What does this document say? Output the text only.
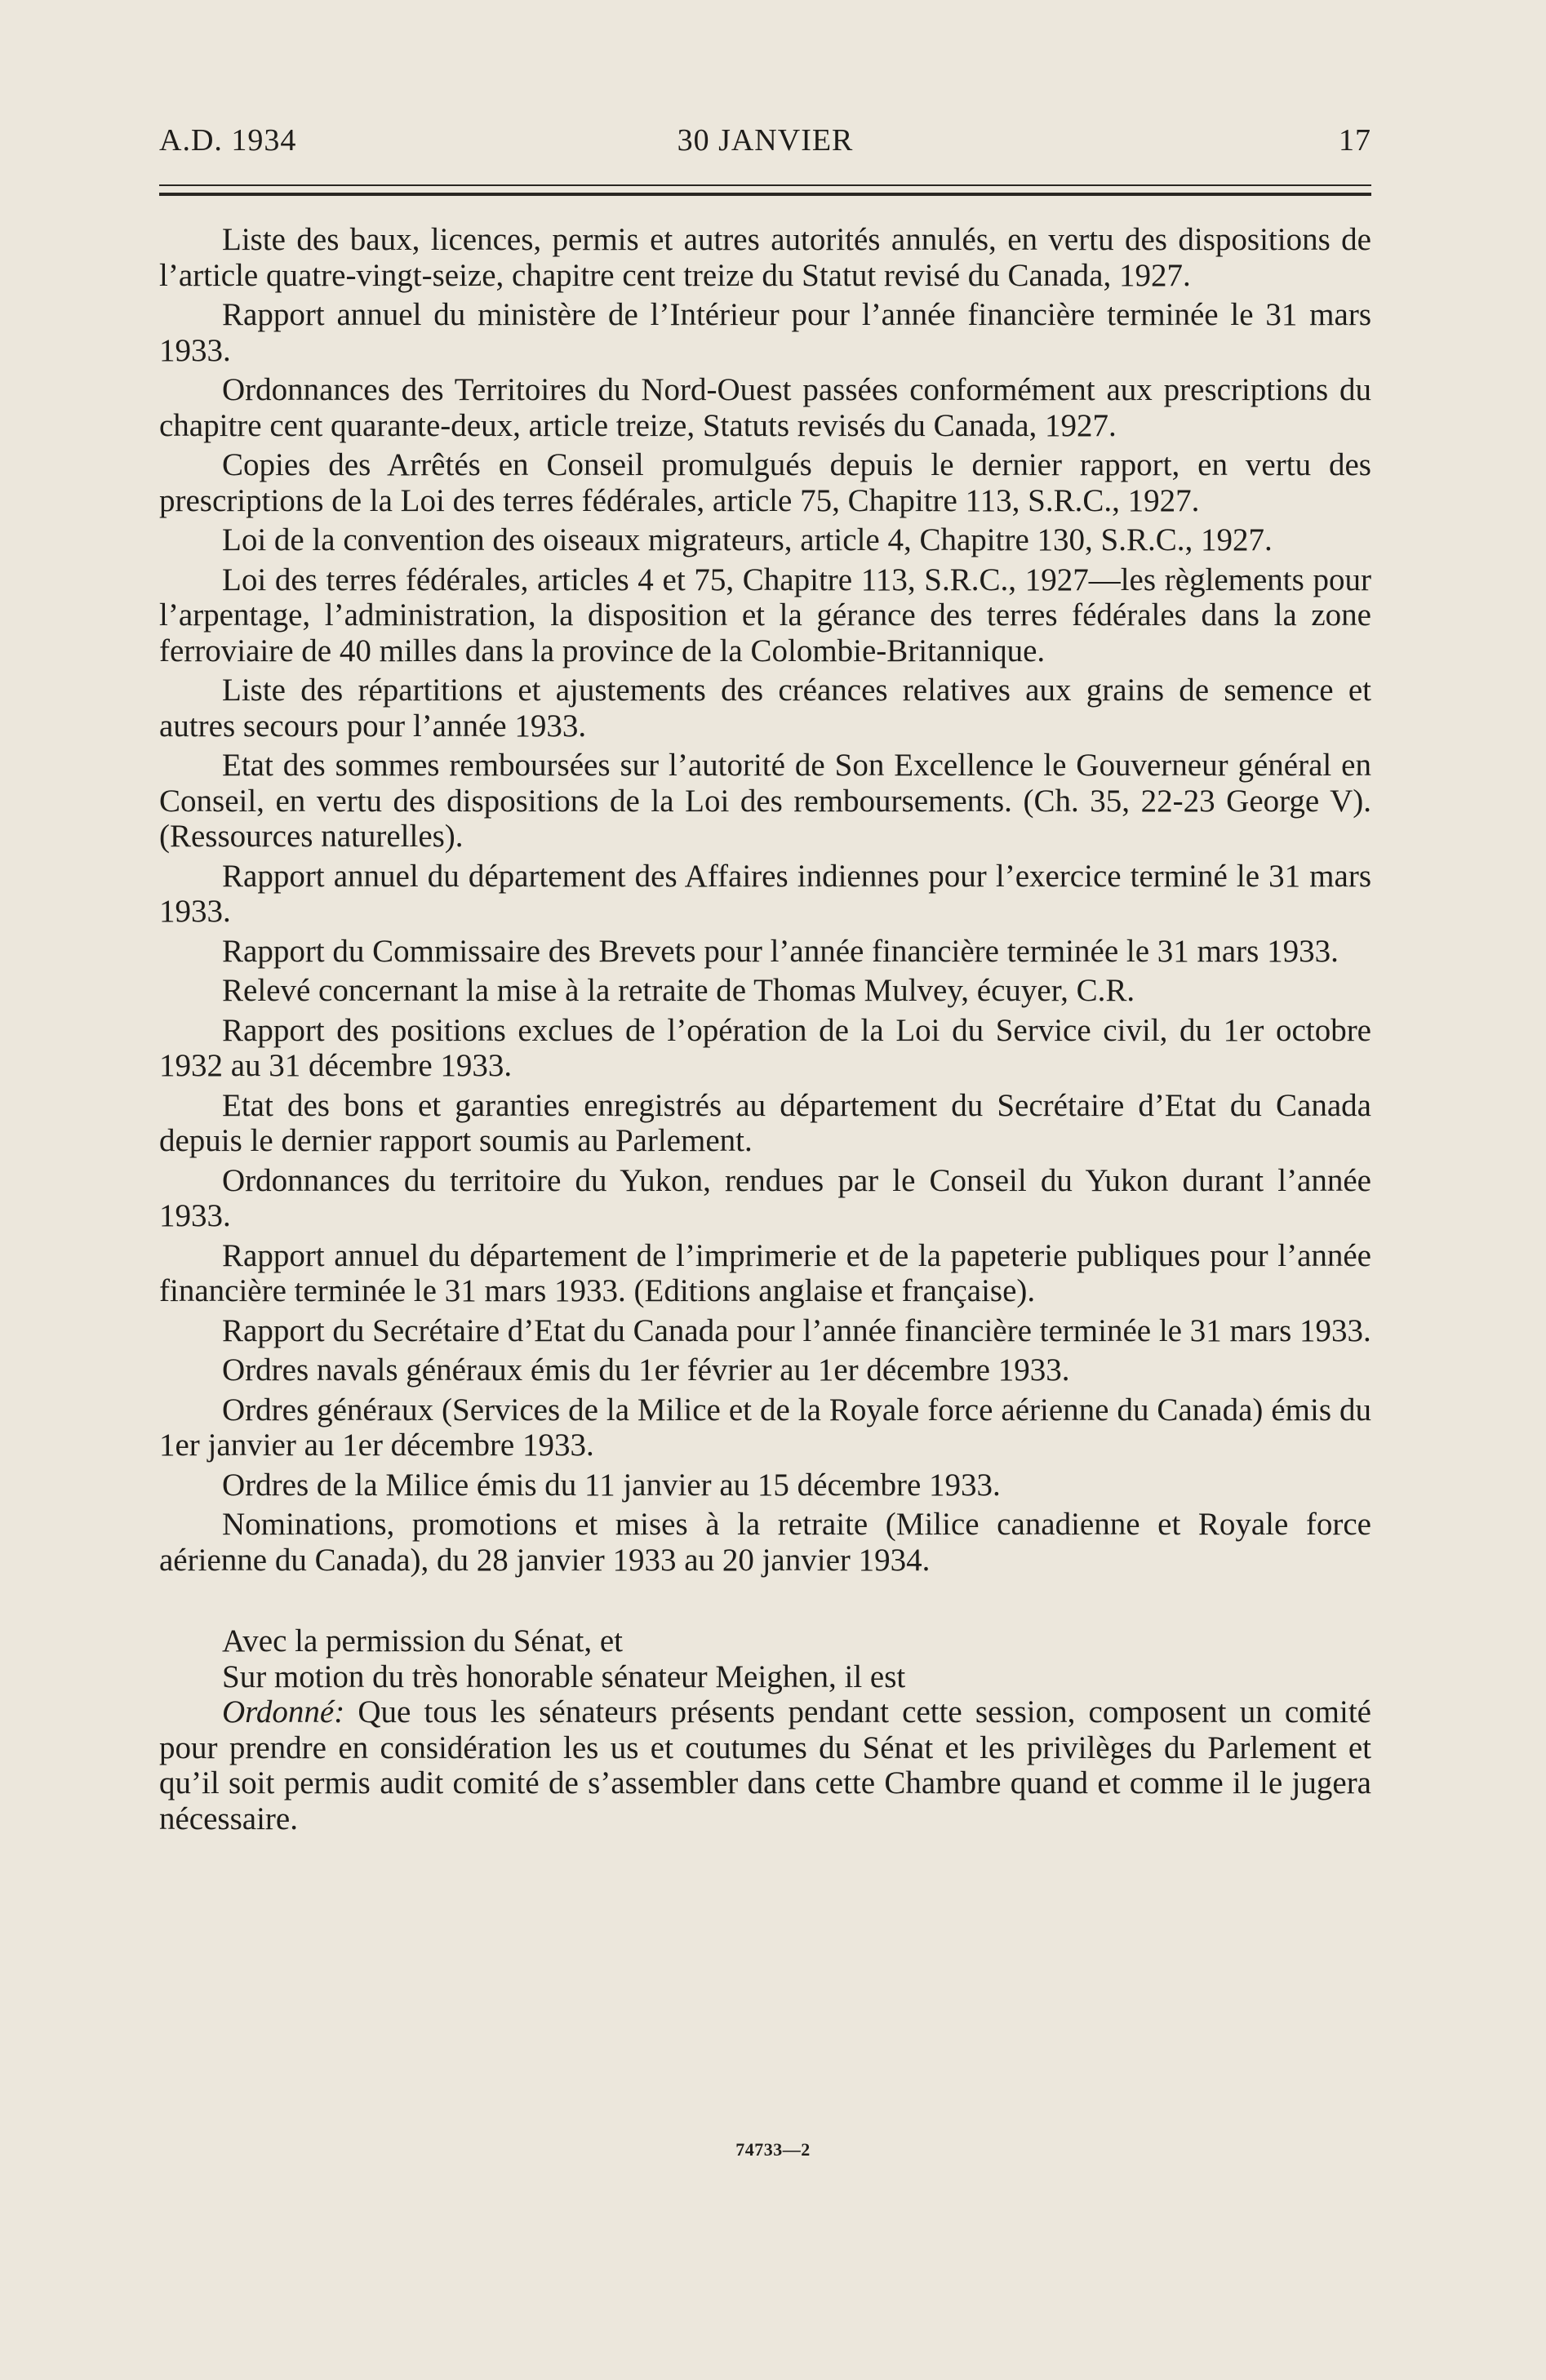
A.D. 1934	30 JANVIER	17

Liste des baux, licences, permis et autres autorités annulés, en vertu des dispositions de l’article quatre-vingt-seize, chapitre cent treize du Statut revisé du Canada, 1927.

Rapport annuel du ministère de l’Intérieur pour l’année financière terminée le 31 mars 1933.

Ordonnances des Territoires du Nord-Ouest passées conformément aux prescriptions du chapitre cent quarante-deux, article treize, Statuts revisés du Canada, 1927.

Copies des Arrêtés en Conseil promulgués depuis le dernier rapport, en vertu des prescriptions de la Loi des terres fédérales, article 75, Chapitre 113, S.R.C., 1927.

Loi de la convention des oiseaux migrateurs, article 4, Chapitre 130, S.R.C., 1927.

Loi des terres fédérales, articles 4 et 75, Chapitre 113, S.R.C., 1927—les règlements pour l’arpentage, l’administration, la disposition et la gérance des terres fédérales dans la zone ferroviaire de 40 milles dans la province de la Colombie-Britannique.

Liste des répartitions et ajustements des créances relatives aux grains de semence et autres secours pour l’année 1933.

Etat des sommes remboursées sur l’autorité de Son Excellence le Gouverneur général en Conseil, en vertu des dispositions de la Loi des remboursements. (Ch. 35, 22-23 George V). (Ressources naturelles).

Rapport annuel du département des Affaires indiennes pour l’exercice terminé le 31 mars 1933.

Rapport du Commissaire des Brevets pour l’année financière terminée le 31 mars 1933.

Relevé concernant la mise à la retraite de Thomas Mulvey, écuyer, C.R.

Rapport des positions exclues de l’opération de la Loi du Service civil, du 1er octobre 1932 au 31 décembre 1933.

Etat des bons et garanties enregistrés au département du Secrétaire d’Etat du Canada depuis le dernier rapport soumis au Parlement.

Ordonnances du territoire du Yukon, rendues par le Conseil du Yukon durant l’année 1933.

Rapport annuel du département de l’imprimerie et de la papeterie publiques pour l’année financière terminée le 31 mars 1933. (Editions anglaise et française).

Rapport du Secrétaire d’Etat du Canada pour l’année financière terminée le 31 mars 1933.

Ordres navals généraux émis du 1er février au 1er décembre 1933.

Ordres généraux (Services de la Milice et de la Royale force aérienne du Canada) émis du 1er janvier au 1er décembre 1933.

Ordres de la Milice émis du 11 janvier au 15 décembre 1933.

Nominations, promotions et mises à la retraite (Milice canadienne et Royale force aérienne du Canada), du 28 janvier 1933 au 20 janvier 1934.

Avec la permission du Sénat, et

Sur motion du très honorable sénateur Meighen, il est

Ordonné: Que tous les sénateurs présents pendant cette session, composent un comité pour prendre en considération les us et coutumes du Sénat et les privilèges du Parlement et qu’il soit permis audit comité de s’assembler dans cette Chambre quand et comme il le jugera nécessaire.

74733—2
